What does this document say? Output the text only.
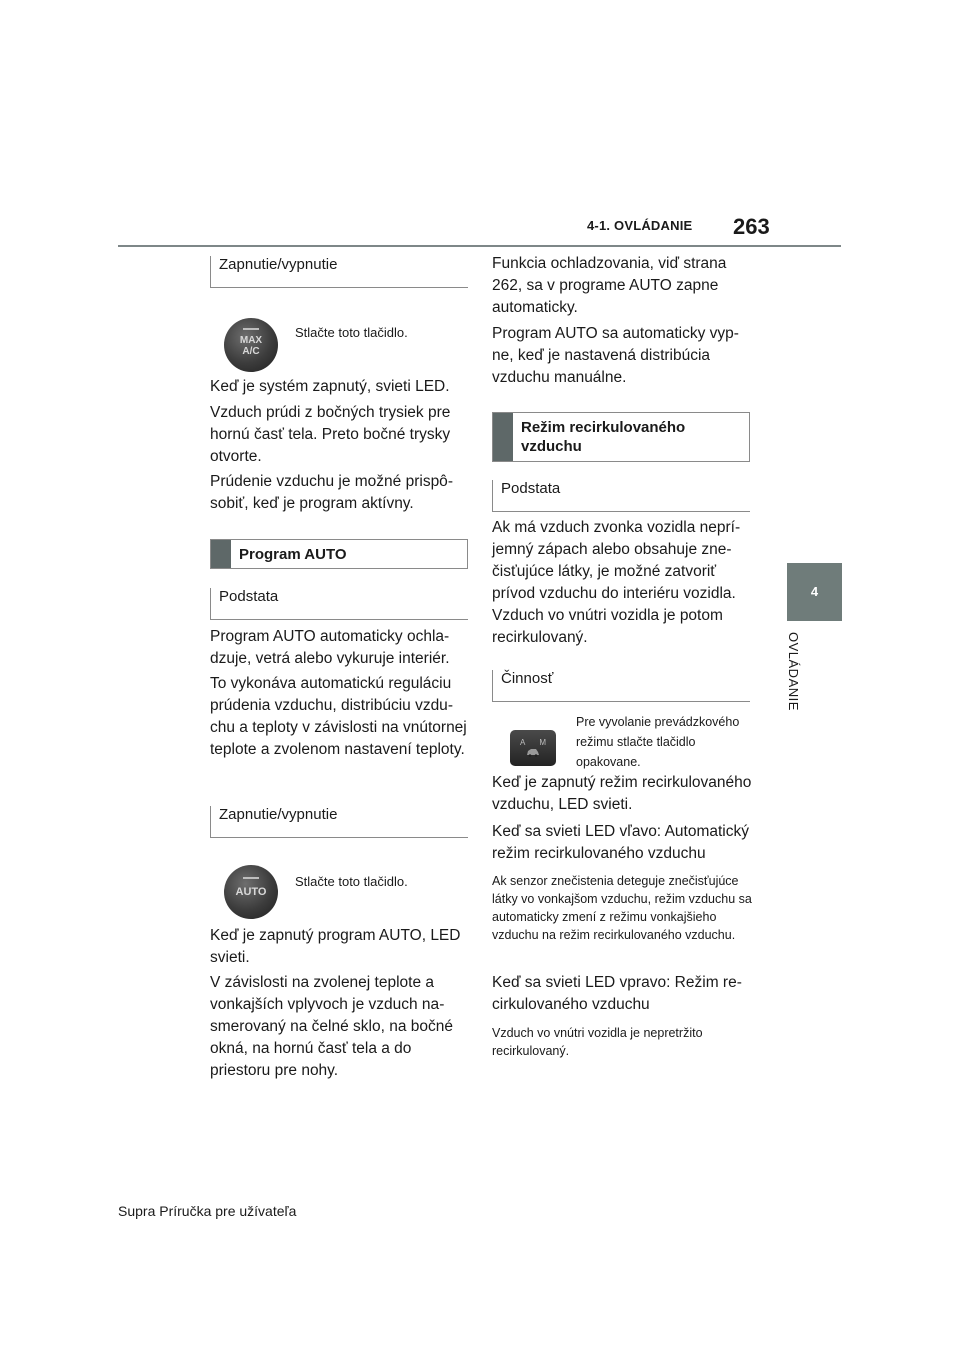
4-1. OVLÁDANIE 263
4
OVLÁDANIE
Zapnutie/vypnutie
MAX
A/C

Stlačte toto tlačidlo.

Keď je systém zapnutý, svieti LED.

Vzduch prúdi z bočných trysiek pre hornú časť tela. Preto bočné trysky otvorte.

Prúdenie vzduchu je možné prispôsobiť, keď je program aktívny.

Program AUTO
Podstata

Program AUTO automaticky ochladzuje, vetrá alebo vykuruje interiér.

To vykonáva automatickú reguláciu prúdenia vzduchu, distribúciu vzduchu a teploty v závislosti na vnútornej teplote a zvolenom nastavení teploty.

Zapnutie/vypnutie
AUTO

Stlačte toto tlačidlo.

Keď je zapnutý program AUTO, LED svieti.

V závislosti na zvolenej teplote a vonkajších vplyvoch je vzduch nasmerovaný na čelné sklo, na bočné okná, na hornú časť tela a do priestoru pre nohy.

Funkcia ochladzovania, viď strana 262, sa v programe AUTO zapne automaticky.

Program AUTO sa automaticky vypne, keď je nastavená distribúcia vzduchu manuálne.

Režim recirkulovaného vzduchu
Podstata

Ak má vzduch zvonka vozidla nepríjemný zápach alebo obsahuje znečisťujúce látky, je možné zatvoriť prívod vzduchu do interiéru vozidla. Vzduch vo vnútri vozidla je potom recirkulovaný.

Činnosť
A M

Pre vyvolanie prevádzkového režimu stlačte tlačidlo opakovane.

Keď je zapnutý režim recirkulovaného vzduchu, LED svieti.

Keď sa svieti LED vľavo: Automatický režim recirkulovaného vzduchu

Ak senzor znečistenia deteguje znečisťujúce látky vo vonkajšom vzduchu, režim vzduchu sa automaticky zmení z režimu vonkajšieho vzduchu na režim recirkulovaného vzduchu.

Keď sa svieti LED vpravo: Režim recirkulovaného vzduchu

Vzduch vo vnútri vozidla je nepretržito recirkulovaný.

Supra Príručka pre užívateľa
